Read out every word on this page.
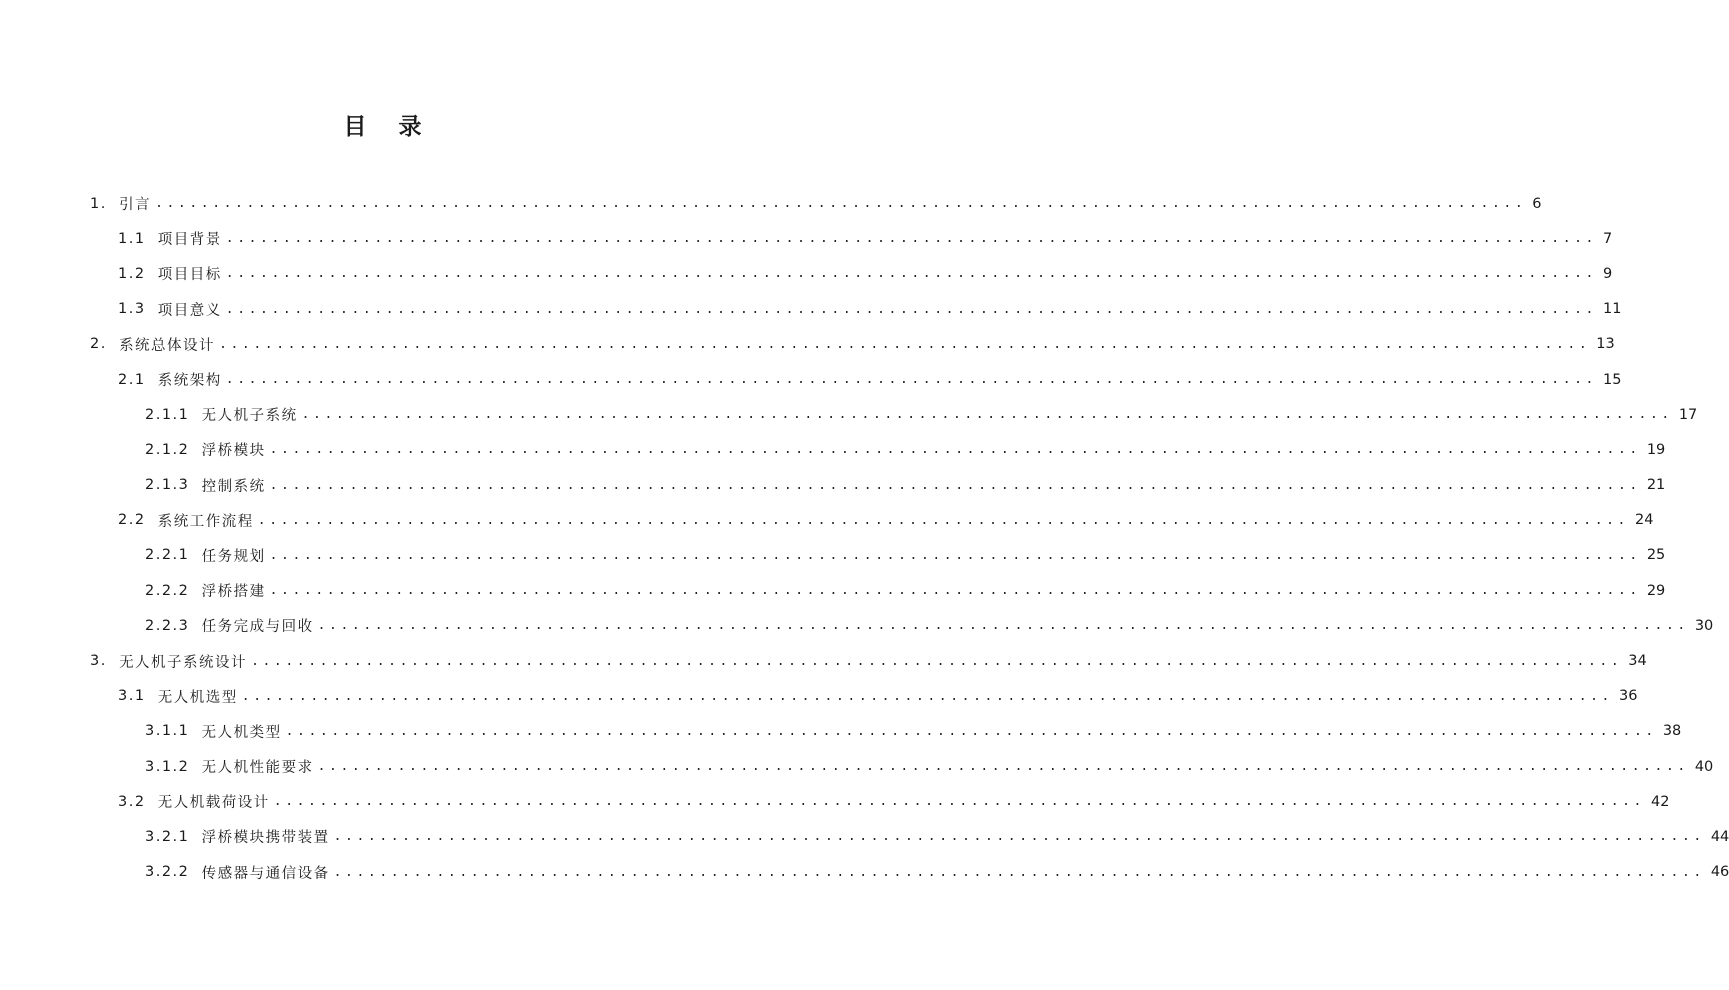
目录
1.
引言 ........................................................................................................................ 6
1.1
项目背景 ........................................................................................................................ 7
1.2
项目目标 ........................................................................................................................ 9
1.3
项目意义 ........................................................................................................................ 11
2.
系统总体设计 ........................................................................................................................ 13
2.1
系统架构 ........................................................................................................................ 15
2.1.1
无人机子系统 ........................................................................................................................ 17
2.1.2
浮桥模块 ........................................................................................................................ 19
2.1.3
控制系统 ........................................................................................................................ 21
2.2
系统工作流程 ........................................................................................................................ 24
2.2.1
任务规划 ........................................................................................................................ 25
2.2.2
浮桥搭建 ........................................................................................................................ 29
2.2.3
任务完成与回收 ........................................................................................................................ 30
3.
无人机子系统设计 ........................................................................................................................ 34
3.1
无人机选型 ........................................................................................................................ 36
3.1.1
无人机类型 ........................................................................................................................ 38
3.1.2
无人机性能要求 ........................................................................................................................ 40
3.2
无人机载荷设计 ........................................................................................................................ 42
3.2.1
浮桥模块携带装置 ........................................................................................................................ 44
3.2.2
传感器与通信设备 ........................................................................................................................ 46
